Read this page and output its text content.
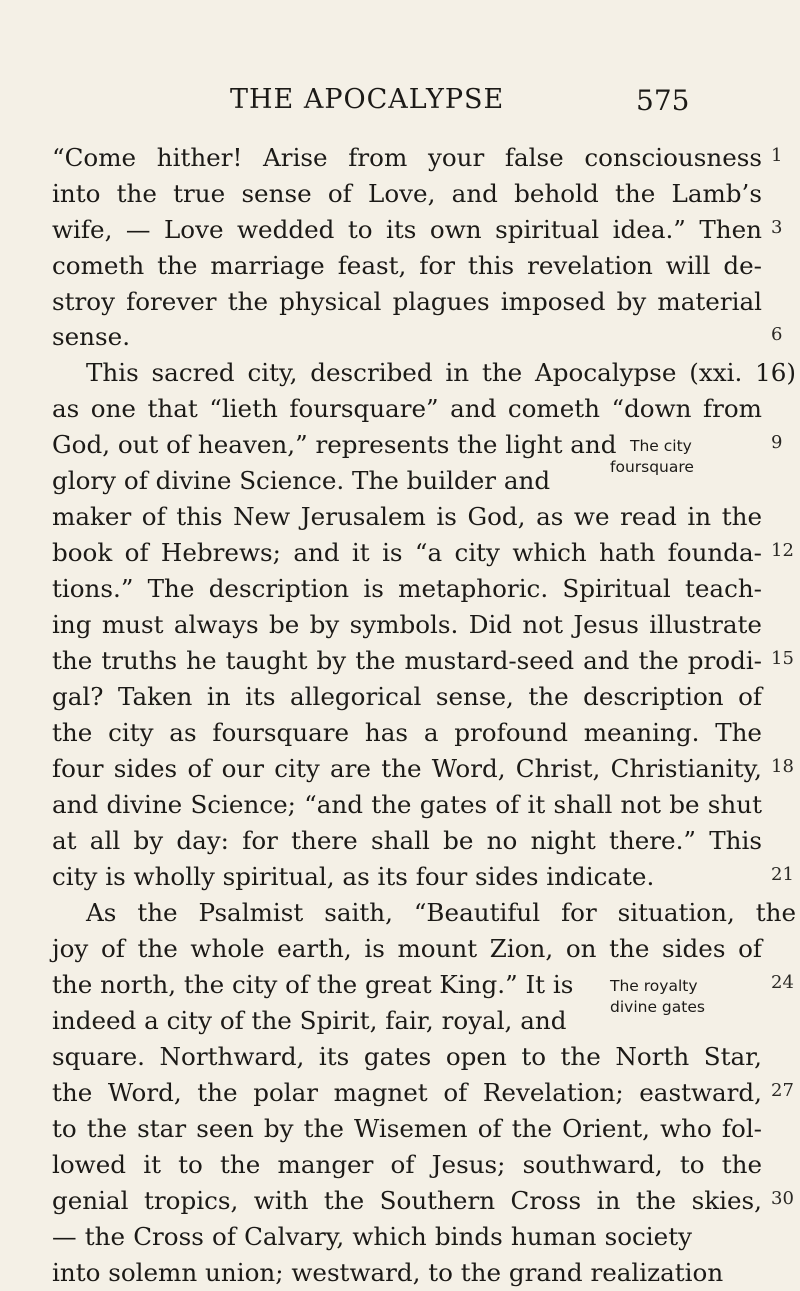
THE APOCALYPSE	575
“Come hither! Arise from your false consciousness
into the true sense of Love, and behold the Lamb’s
wife, — Love wedded to its own spiritual idea.” Then
cometh the marriage feast, for this revelation will de-
stroy forever the physical plagues imposed by material
sense.
This sacred city, described in the Apocalypse (xxi. 16)
as one that “lieth foursquare” and cometh “down from
God, out of heaven,” represents the light and
glory of divine Science. The builder and
maker of this New Jerusalem is God, as we read in the
book of Hebrews; and it is “a city which hath founda-
tions.” The description is metaphoric. Spiritual teach-
ing must always be by symbols. Did not Jesus illustrate
the truths he taught by the mustard-seed and the prodi-
gal? Taken in its allegorical sense, the description of
the city as foursquare has a profound meaning. The
four sides of our city are the Word, Christ, Christianity,
and divine Science; “and the gates of it shall not be shut
at all by day: for there shall be no night there.” This
city is wholly spiritual, as its four sides indicate.
As the Psalmist saith, “Beautiful for situation, the
joy of the whole earth, is mount Zion, on the sides of
the north, the city of the great King.” It is
indeed a city of the Spirit, fair, royal, and
square. Northward, its gates open to the North Star,
the Word, the polar magnet of Revelation; eastward,
to the star seen by the Wisemen of the Orient, who fol-
lowed it to the manger of Jesus; southward, to the
genial tropics, with the Southern Cross in the skies,
— the Cross of Calvary, which binds human society
into solemn union; westward, to the grand realization
1
3
6
9
12
15
18
21
24
27
30
The city
foursquare
The royalty
divine gates
